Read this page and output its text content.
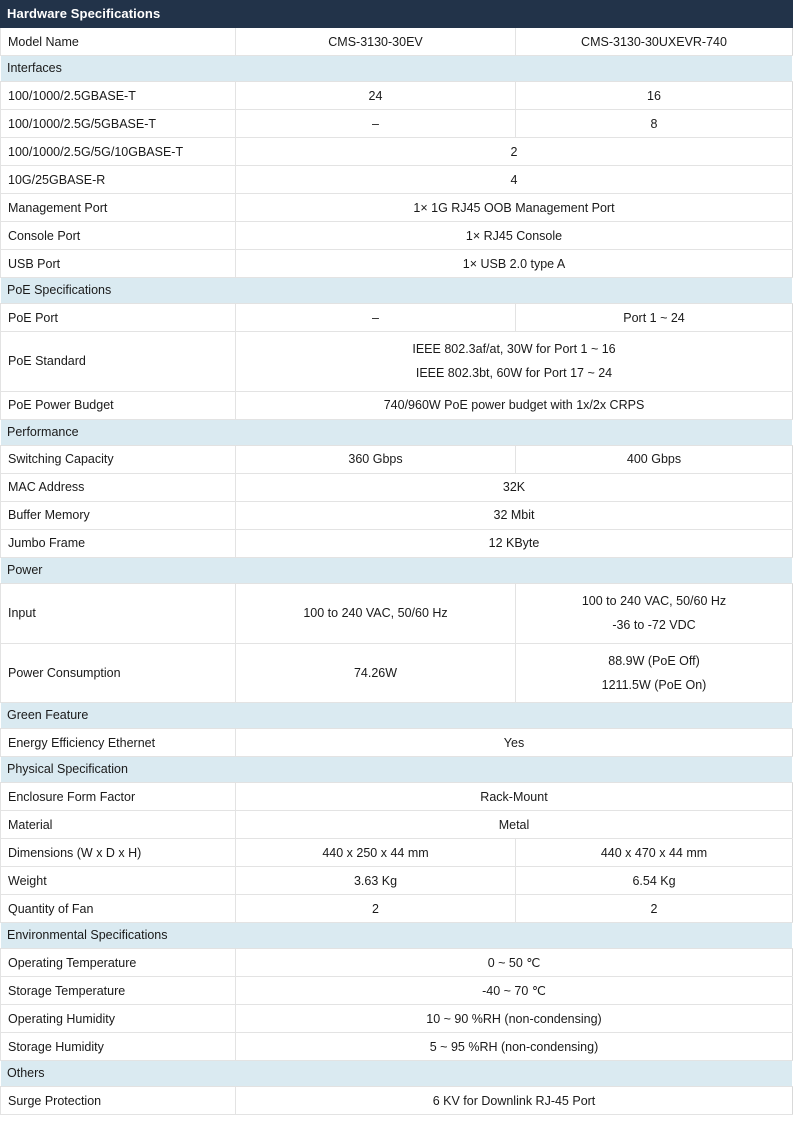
Hardware Specifications		
Model Name	CMS-3130-30EV	CMS-3130-30UXEVR-740
Interfaces		
100/1000/2.5GBASE-T	24	16
100/1000/2.5G/5GBASE-T	–	8
100/1000/2.5G/5G/10GBASE-T	2	
10G/25GBASE-R	4	
Management Port	1× 1G RJ45 OOB Management Port	
Console Port	1× RJ45 Console	
USB Port	1× USB 2.0 type A	
PoE Specifications		
PoE Port	–	Port 1 ~ 24
PoE Standard	IEEE 802.3af/at, 30W for Port 1 ~ 16
IEEE 802.3bt, 60W for Port 17 ~ 24	

PoE Power Budget	740/960W PoE power budget with 1x/2x CRPS	
Performance		
Switching Capacity	360 Gbps	400 Gbps
MAC Address	32K	
Buffer Memory	32 Mbit	
Jumbo Frame	12 KByte	
Power		
Input	100 to 240 VAC, 50/60 Hz	100 to 240 VAC, 50/60 Hz
-36 to -72 VDC

Power Consumption	74.26W	88.9W (PoE Off)
1211.5W (PoE On)

Green Feature		
Energy Efficiency Ethernet	Yes	
Physical Specification		
Enclosure Form Factor	Rack-Mount	
Material	Metal	
Dimensions (W x D x H)	440 x 250 x 44 mm	440 x 470 x 44 mm
Weight	3.63 Kg	6.54 Kg
Quantity of Fan	2	2
Environmental Specifications		
Operating Temperature	0 ~ 50 ℃	
Storage Temperature	-40 ~ 70 ℃	
Operating Humidity	10 ~ 90 %RH (non-condensing)	
Storage Humidity	5 ~ 95 %RH (non-condensing)	
Others		
Surge Protection	6 KV for Downlink RJ-45 Port	
